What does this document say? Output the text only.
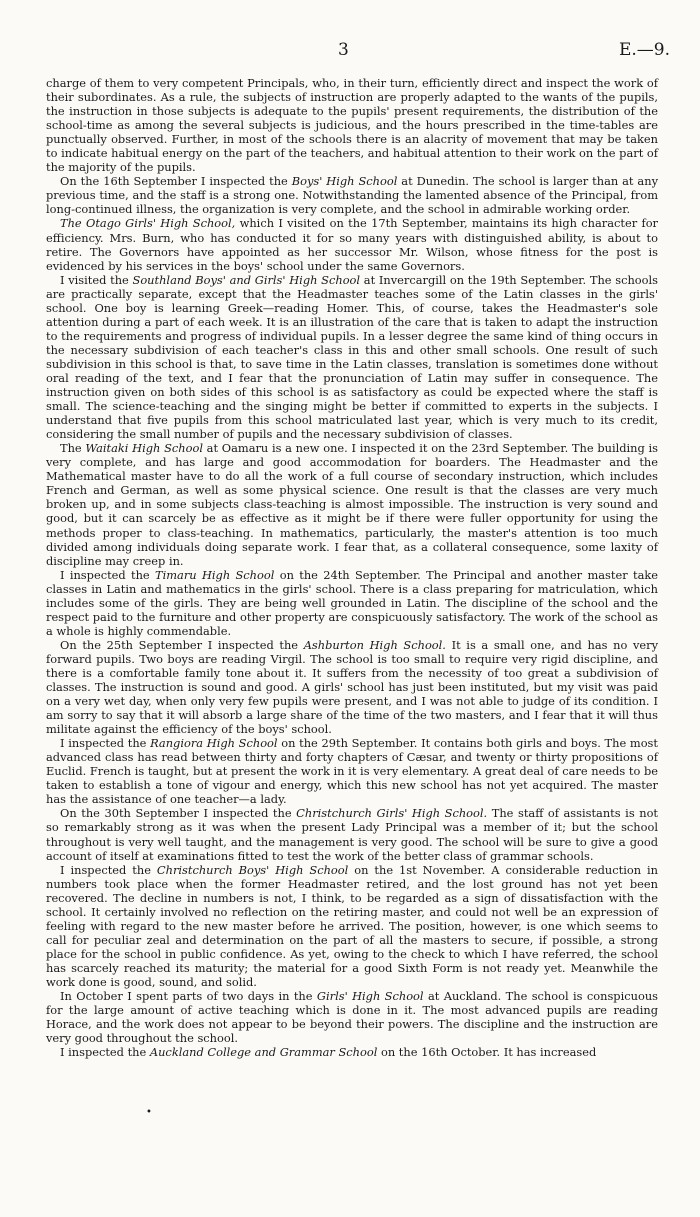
3	E.—9.

charge of them to very competent Principals, who, in their turn, efficiently direct and inspect the work of their subordinates. As a rule, the subjects of instruction are properly adapted to the wants of the pupils, the instruction in those subjects is adequate to the pupils' present requirements, the distribution of the school-time as among the several subjects is judicious, and the hours prescribed in the time-tables are punctually observed. Further, in most of the schools there is an alacrity of movement that may be taken to indicate habitual energy on the part of the teachers, and habitual attention to their work on the part of the majority of the pupils.

On the 16th September I inspected the Boys' High School at Dunedin. The school is larger than at any previous time, and the staff is a strong one. Notwithstanding the lamented absence of the Principal, from long-continued illness, the organization is very complete, and the school in admirable working order.

The Otago Girls' High School, which I visited on the 17th September, maintains its high character for efficiency. Mrs. Burn, who has conducted it for so many years with distinguished ability, is about to retire. The Governors have appointed as her successor Mr. Wilson, whose fitness for the post is evidenced by his services in the boys' school under the same Governors.

I visited the Southland Boys' and Girls' High School at Invercargill on the 19th September. The schools are practically separate, except that the Headmaster teaches some of the Latin classes in the girls' school. One boy is learning Greek—reading Homer. This, of course, takes the Headmaster's sole attention during a part of each week. It is an illustration of the care that is taken to adapt the instruction to the requirements and progress of individual pupils. In a lesser degree the same kind of thing occurs in the necessary subdivision of each teacher's class in this and other small schools. One result of such subdivision in this school is that, to save time in the Latin classes, translation is sometimes done without oral reading of the text, and I fear that the pronunciation of Latin may suffer in consequence. The instruction given on both sides of this school is as satisfactory as could be expected where the staff is small. The science-teaching and the singing might be better if committed to experts in the subjects. I understand that five pupils from this school matriculated last year, which is very much to its credit, considering the small number of pupils and the necessary subdivision of classes.

The Waitaki High School at Oamaru is a new one. I inspected it on the 23rd September. The building is very complete, and has large and good accommodation for boarders. The Headmaster and the Mathematical master have to do all the work of a full course of secondary instruction, which includes French and German, as well as some physical science. One result is that the classes are very much broken up, and in some subjects class-teaching is almost impossible. The instruction is very sound and good, but it can scarcely be as effective as it might be if there were fuller opportunity for using the methods proper to class-teaching. In mathematics, particularly, the master's attention is too much divided among individuals doing separate work. I fear that, as a collateral consequence, some laxity of discipline may creep in.

I inspected the Timaru High School on the 24th September. The Principal and another master take classes in Latin and mathematics in the girls' school. There is a class preparing for matriculation, which includes some of the girls. They are being well grounded in Latin. The discipline of the school and the respect paid to the furniture and other property are conspicuously satisfactory. The work of the school as a whole is highly commendable.

On the 25th September I inspected the Ashburton High School. It is a small one, and has no very forward pupils. Two boys are reading Virgil. The school is too small to require very rigid discipline, and there is a comfortable family tone about it. It suffers from the necessity of too great a subdivision of classes. The instruction is sound and good. A girls' school has just been instituted, but my visit was paid on a very wet day, when only very few pupils were present, and I was not able to judge of its condition. I am sorry to say that it will absorb a large share of the time of the two masters, and I fear that it will thus militate against the efficiency of the boys' school.

I inspected the Rangiora High School on the 29th September. It contains both girls and boys. The most advanced class has read between thirty and forty chapters of Cæsar, and twenty or thirty propositions of Euclid. French is taught, but at present the work in it is very elementary. A great deal of care needs to be taken to establish a tone of vigour and energy, which this new school has not yet acquired. The master has the assistance of one teacher—a lady.

On the 30th September I inspected the Christchurch Girls' High School. The staff of assistants is not so remarkably strong as it was when the present Lady Principal was a member of it; but the school throughout is very well taught, and the management is very good. The school will be sure to give a good account of itself at examinations fitted to test the work of the better class of grammar schools.

I inspected the Christchurch Boys' High School on the 1st November. A considerable reduction in numbers took place when the former Headmaster retired, and the lost ground has not yet been recovered. The decline in numbers is not, I think, to be regarded as a sign of dissatisfaction with the school. It certainly involved no reflection on the retiring master, and could not well be an expression of feeling with regard to the new master before he arrived. The position, however, is one which seems to call for peculiar zeal and determination on the part of all the masters to secure, if possible, a strong place for the school in public confidence. As yet, owing to the check to which I have referred, the school has scarcely reached its maturity; the material for a good Sixth Form is not ready yet. Meanwhile the work done is good, sound, and solid.

In October I spent parts of two days in the Girls' High School at Auckland. The school is conspicuous for the large amount of active teaching which is done in it. The most advanced pupils are reading Horace, and the work does not appear to be beyond their powers. The discipline and the instruction are very good throughout the school.

I inspected the Auckland College and Grammar School on the 16th October. It has increased

•
